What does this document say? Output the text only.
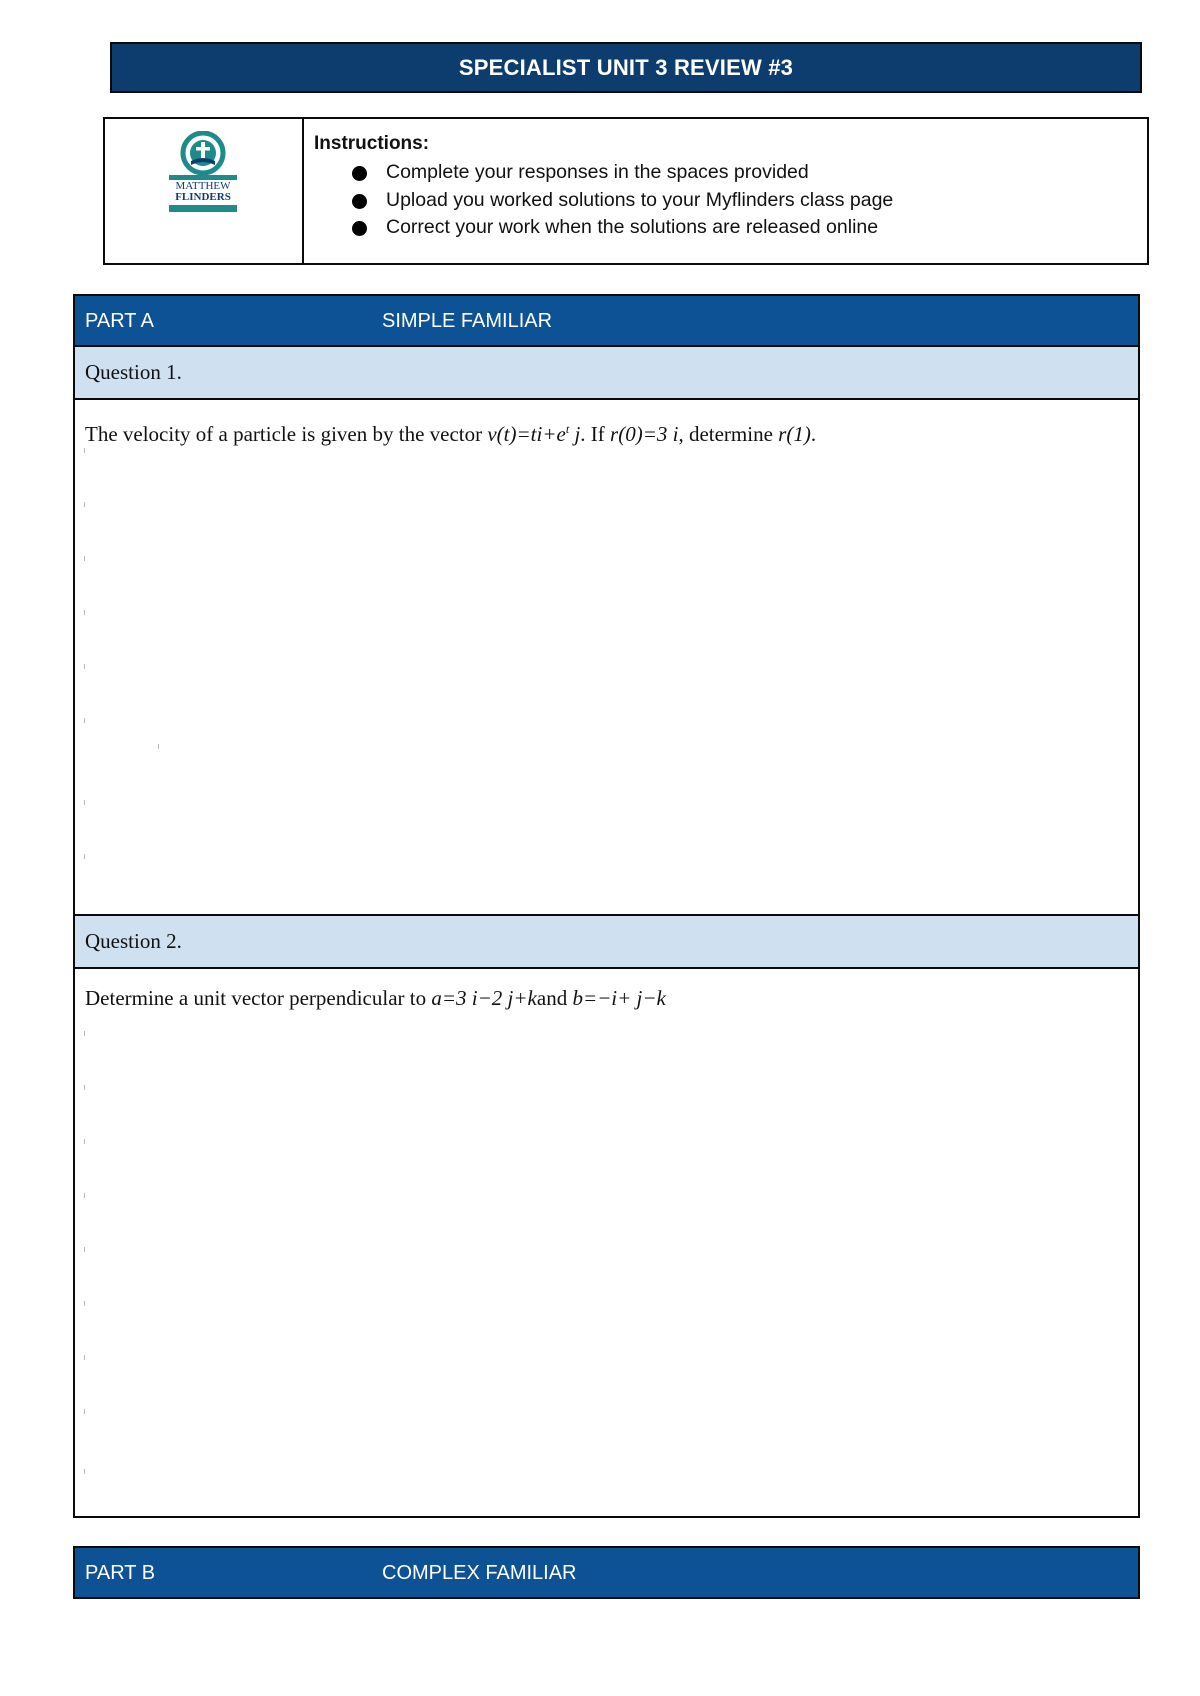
SPECIALIST UNIT 3 REVIEW #3
MATTHEW
FLINDERS
Instructions:
Complete your responses in the spaces provided
Upload you worked solutions to your Myflinders class page
Correct your work when the solutions are released online
PART A	SIMPLE FAMILIAR
Question 1.
The velocity of a particle is given by the vector $v(t)=ti+e^t$ j. If r(0)=3 i, determine r(1).
Question 2.
Determine a unit vector perpendicular to a=3 i−2 j+kand b=−i+ j−k
PART B	COMPLEX FAMILIAR
